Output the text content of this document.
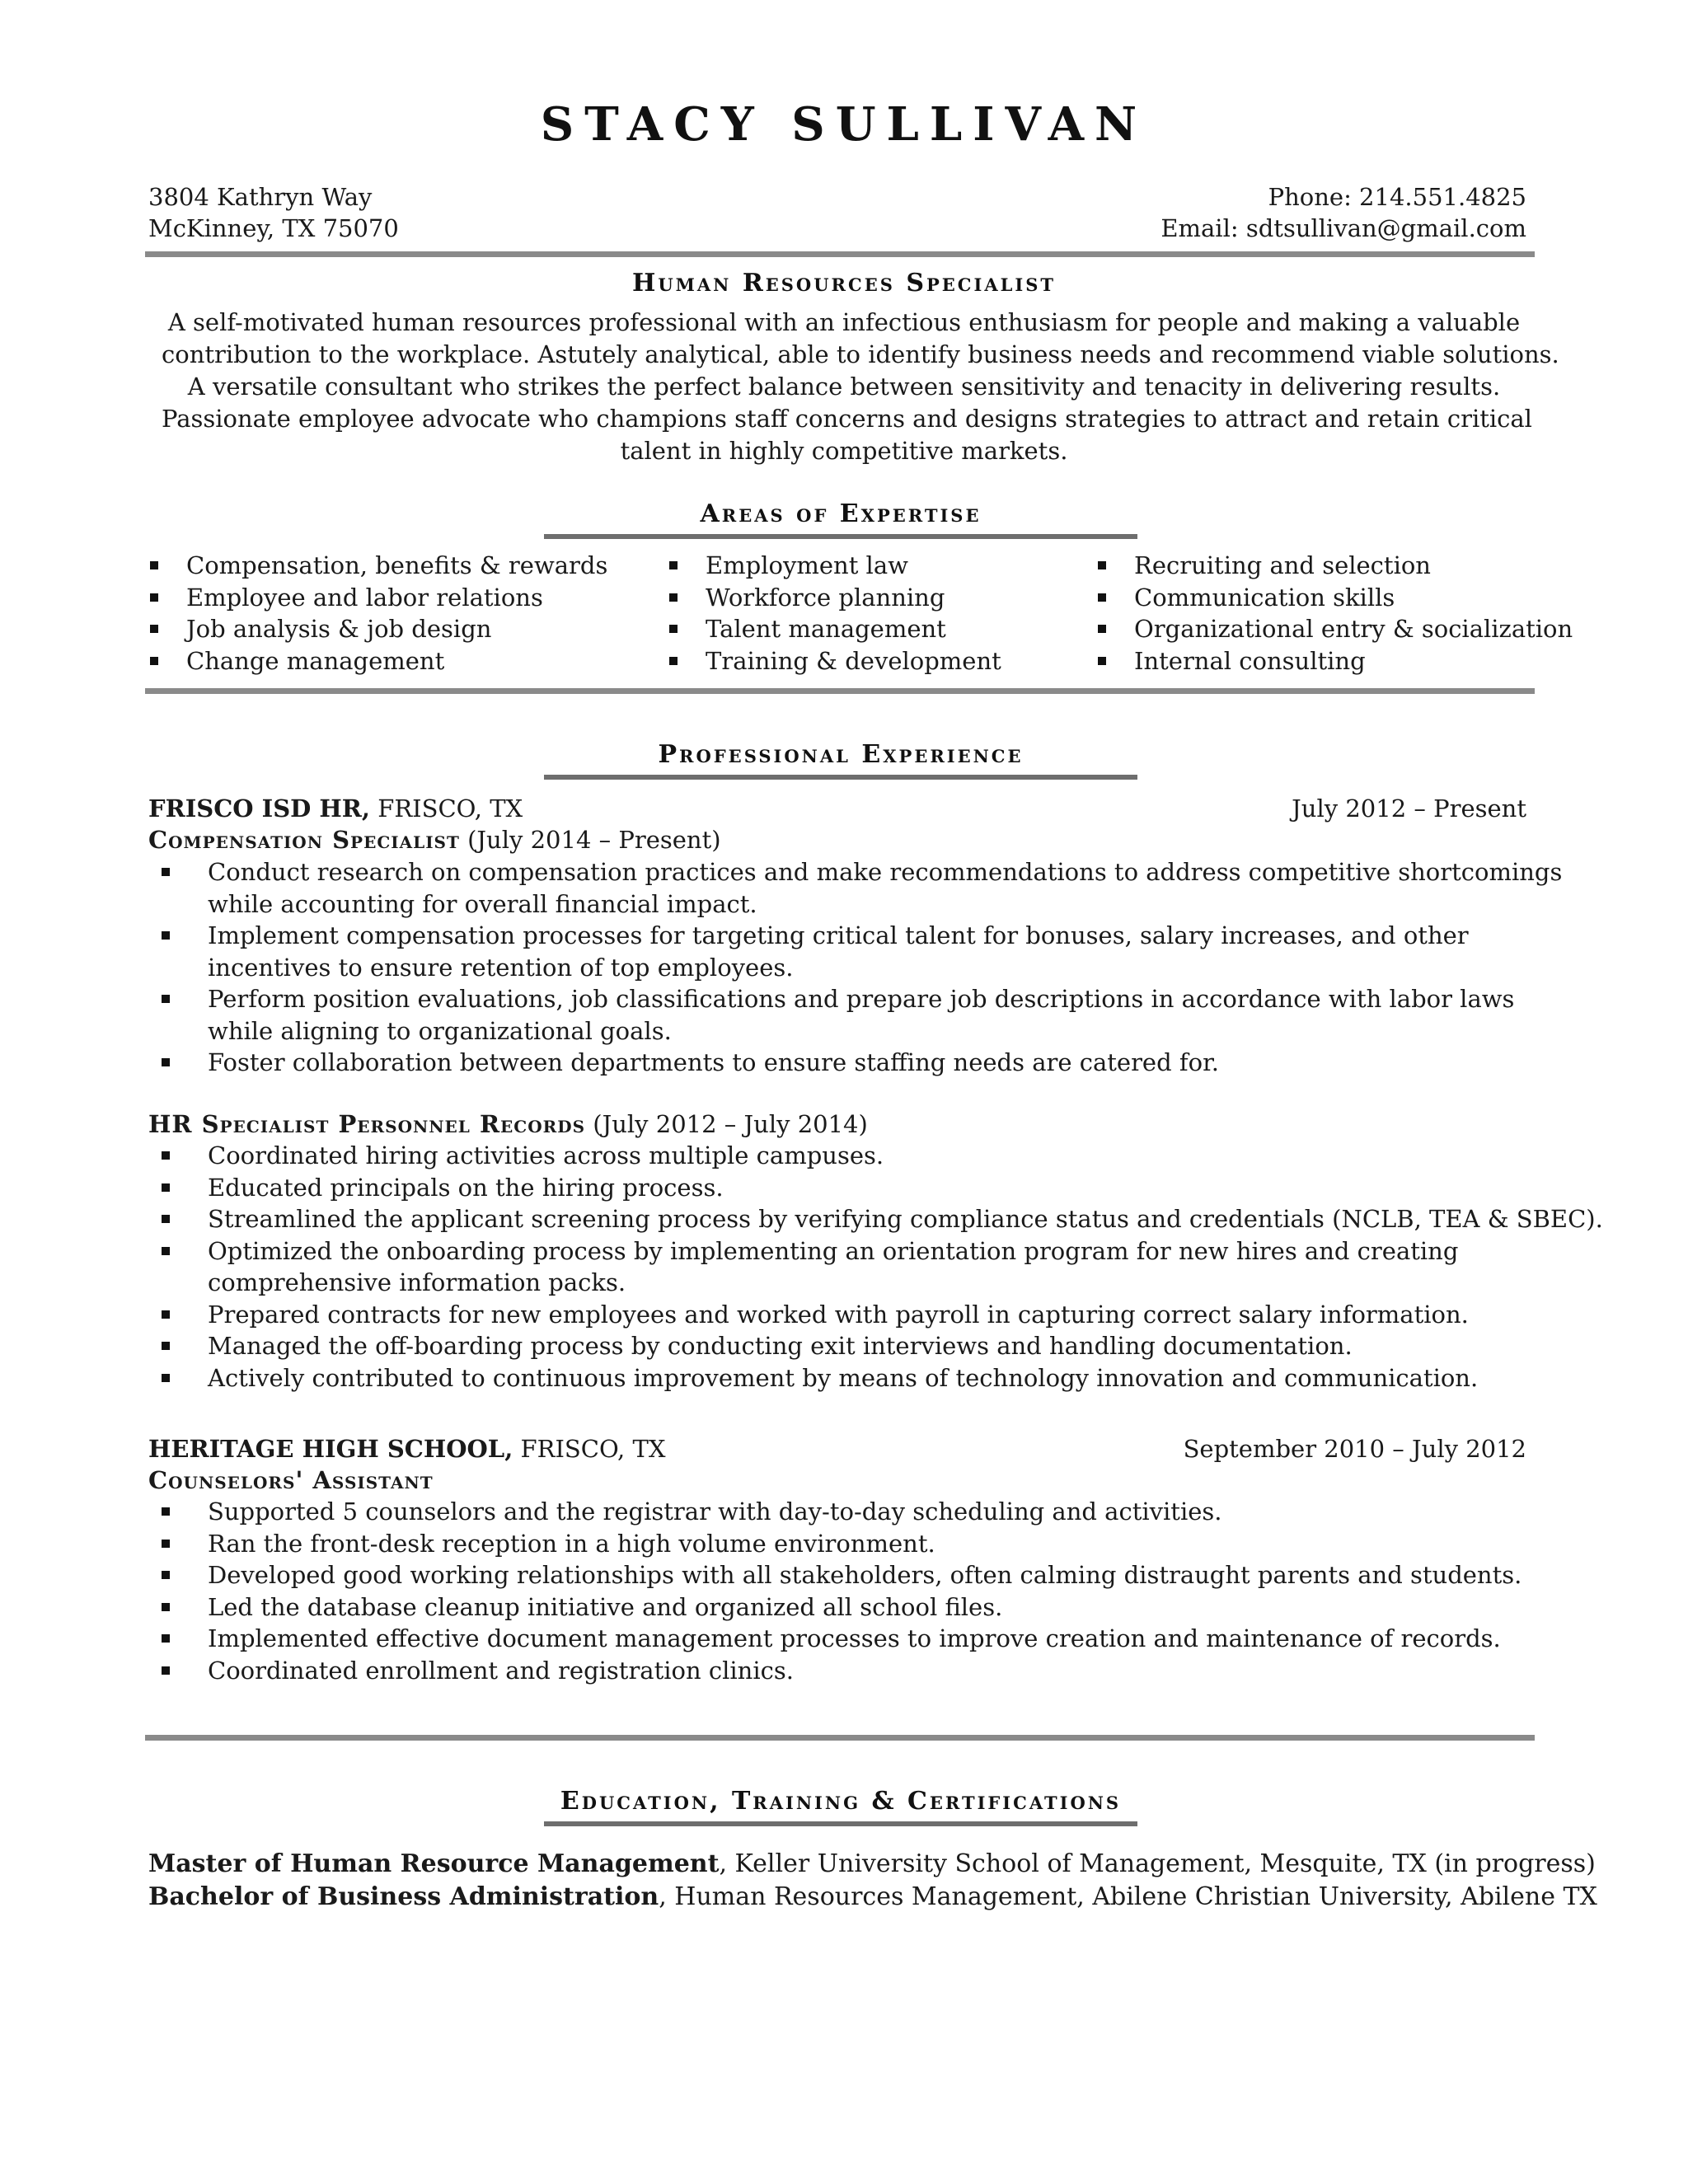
STACY SULLIVAN
3804 Kathryn Way
McKinney, TX 75070
Phone: 214.551.4825
Email: sdtsullivan@gmail.com
Human Resources Specialist
A self-motivated human resources professional with an infectious enthusiasm for people and making a valuable
contribution to the workplace. Astutely analytical, able to identify business needs and recommend viable solutions.
A versatile consultant who strikes the perfect balance between sensitivity and tenacity in delivering results.
Passionate employee advocate who champions staff concerns and designs strategies to attract and retain critical
talent in highly competitive markets.
Areas of Expertise
Compensation, benefits & rewards
Employee and labor relations
Job analysis & job design
Change management
Employment law
Workforce planning
Talent management
Training & development
Recruiting and selection
Communication skills
Organizational entry & socialization
Internal consulting
Professional Experience
FRISCO ISD HR, FRISCO, TX	July 2012 – Present
Compensation Specialist (July 2014 – Present)
Conduct research on compensation practices and make recommendations to address competitive shortcomings
while accounting for overall financial impact.
Implement compensation processes for targeting critical talent for bonuses, salary increases, and other
incentives to ensure retention of top employees.
Perform position evaluations, job classifications and prepare job descriptions in accordance with labor laws
while aligning to organizational goals.
Foster collaboration between departments to ensure staffing needs are catered for.
HR Specialist Personnel Records (July 2012 – July 2014)
Coordinated hiring activities across multiple campuses.
Educated principals on the hiring process.
Streamlined the applicant screening process by verifying compliance status and credentials (NCLB, TEA & SBEC).
Optimized the onboarding process by implementing an orientation program for new hires and creating
comprehensive information packs.
Prepared contracts for new employees and worked with payroll in capturing correct salary information.
Managed the off-boarding process by conducting exit interviews and handling documentation.
Actively contributed to continuous improvement by means of technology innovation and communication.
HERITAGE HIGH SCHOOL, FRISCO, TX	September 2010 – July 2012
Counselors' Assistant
Supported 5 counselors and the registrar with day-to-day scheduling and activities.
Ran the front-desk reception in a high volume environment.
Developed good working relationships with all stakeholders, often calming distraught parents and students.
Led the database cleanup initiative and organized all school files.
Implemented effective document management processes to improve creation and maintenance of records.
Coordinated enrollment and registration clinics.
Education, Training & Certifications
Master of Human Resource Management, Keller University School of Management, Mesquite, TX (in progress)
Bachelor of Business Administration, Human Resources Management, Abilene Christian University, Abilene TX
